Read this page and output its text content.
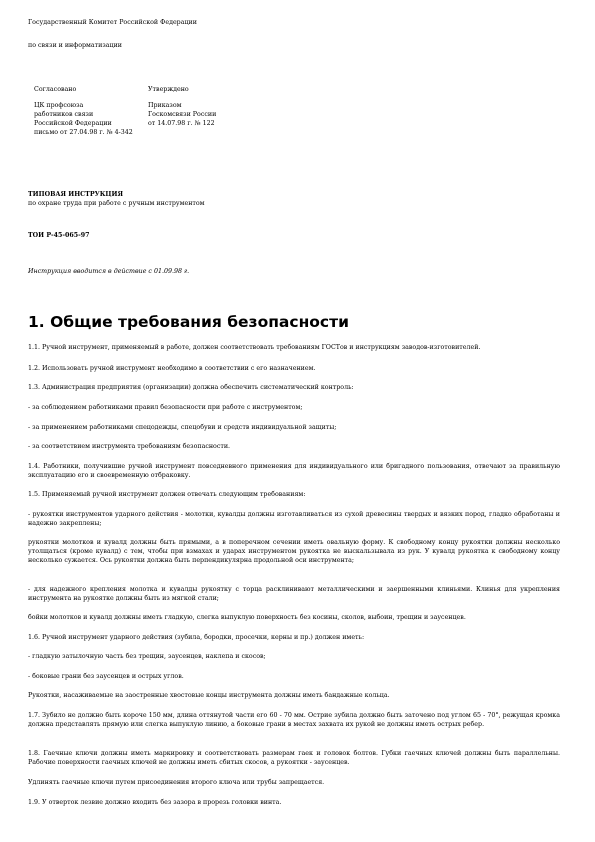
Государственный Комитет Российской Федерации
по связи и информатизации
Согласовано
ЦК профсоюза
работников связи
Российской Федерации
письмо от 27.04.98 г. № 4-342
Утверждено
Приказом
Госкомсвязи России
от 14.07.98 г. № 122
ТИПОВАЯ ИНСТРУКЦИЯ
по охране труда при работе с ручным инструментом
ТОИ Р-45-065-97
Инструкция вводится в действие с 01.09.98 г.
1. Общие требования безопасности
1.1. Ручной инструмент, применяемый в работе, должен соответствовать требованиям ГОСТов и инструкциям заводов-изготовителей.
1.2. Использовать ручной инструмент необходимо в соответствии с его назначением.
1.3. Администрация предприятия (организации) должна обеспечить систематический контроль:
- за соблюдением работниками правил безопасности при работе с инструментом;
- за применением работниками спецодежды, спецобуви и средств индивидуальной защиты;
- за соответствием инструмента требованиям безопасности.
1.4. Работники, получившие ручной инструмент повседневного применения для индивидуального или бригадного пользования, отвечают за правильную эксплуатацию его и своевременную отбраковку.
1.5. Применяемый ручной инструмент должен отвечать следующим требованиям:
- рукоятки инструментов ударного действия - молотки, кувалды должны изготавливаться из сухой древесины твердых и вязких пород, гладко обработаны и надежно закреплены;
рукоятки молотков и кувалд должны быть прямыми, а в поперечном сечении иметь овальную форму. К свободному концу рукоятки должны несколько утолщаться (кроме кувалд) с тем, чтобы при взмахах и ударах инструментом рукоятка не выскальзывала из рук. У кувалд рукоятка к свободному концу несколько сужается. Ось рукоятки должна быть перпендикулярна продольной оси инструмента;
- для надежного крепления молотка и кувалды рукоятку с торца расклинивают металлическими и заершенными клиньями. Клинья для укрепления инструмента на рукоятке должны быть из мягкой стали;
бойки молотков и кувалд должны иметь гладкую, слегка выпуклую поверхность без косины, сколов, выбоин, трещин и заусенцев.
1.6. Ручной инструмент ударного действия (зубила, бородки, просечки, керны и пр.) должен иметь:
- гладкую затылочную часть без трещин, заусенцев, наклепа и скосов;
- боковые грани без заусенцев и острых углов.
Рукоятки, насаживаемые на заостренные хвостовые концы инструмента должны иметь бандажные кольца.
1.7. Зубило не должно быть короче 150 мм, длина оттянутой части его 60 - 70 мм. Острие зубила должно быть заточено под углом 65 - 70°, режущая кромка должна представлять прямую или слегка выпуклую линию, а боковые грани в местах захвата их рукой не должны иметь острых ребер.
1.8. Гаечные ключи должны иметь маркировку и соответствовать размерам гаек и головок болтов. Губки гаечных ключей должны быть параллельны. Рабочие поверхности гаечных ключей не должны иметь сбитых скосов, а рукоятки - заусенцев.
Удлинять гаечные ключи путем присоединения второго ключа или трубы запрещается.
1.9. У отверток лезвие должно входить без зазора в прорезь головки винта.
